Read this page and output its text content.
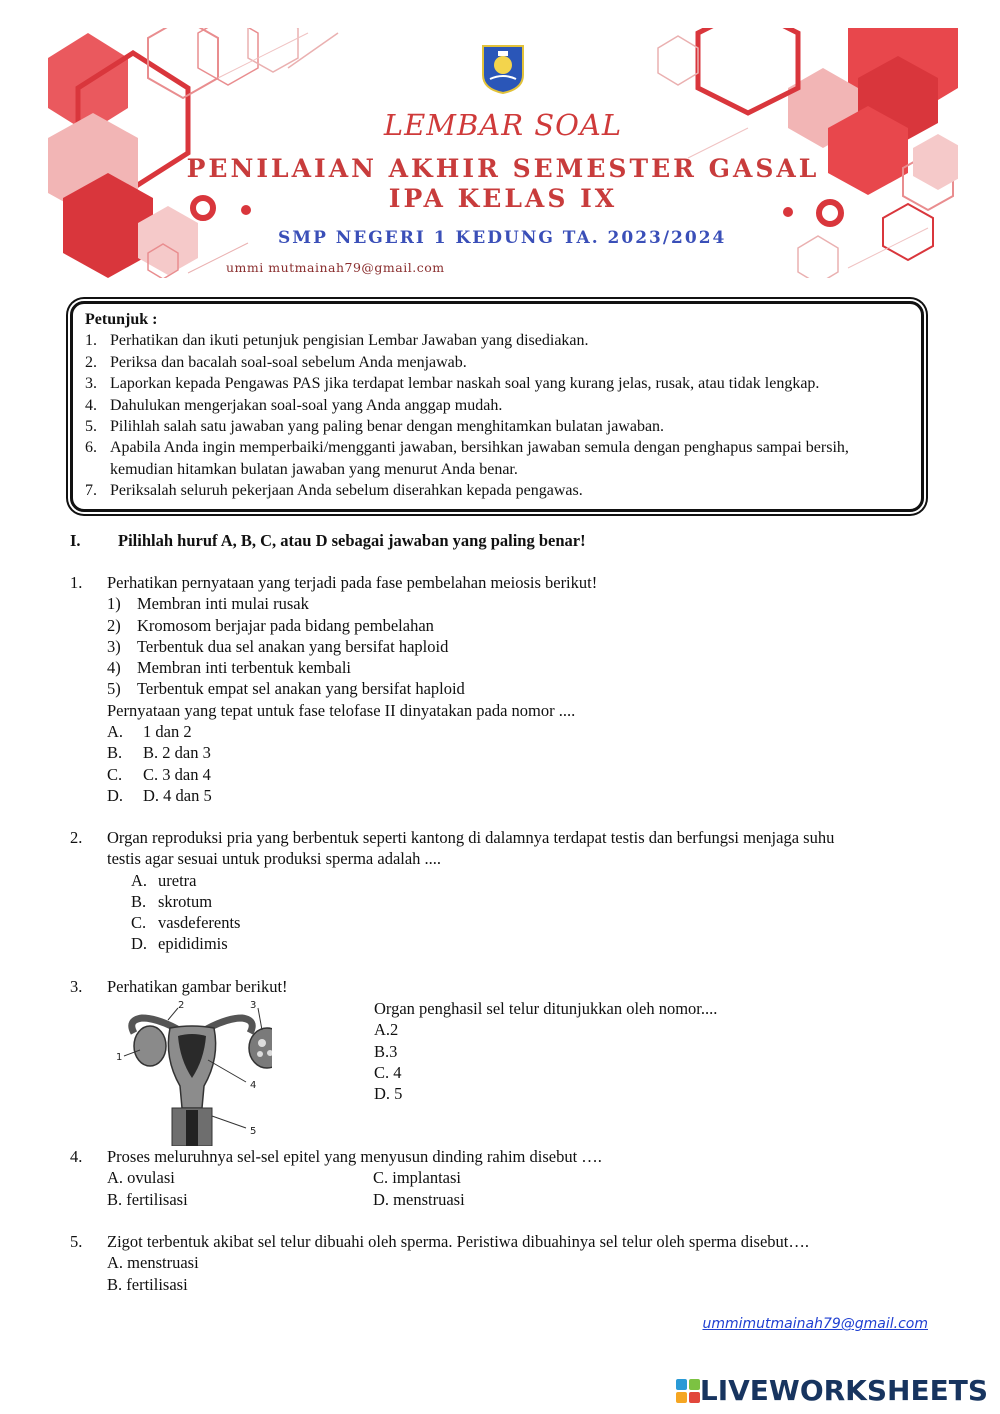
LEMBAR SOAL
PENILAIAN AKHIR SEMESTER GASAL
IPA KELAS IX
SMP NEGERI 1 KEDUNG TA. 2023/2024
ummi mutmainah79@gmail.com
Petunjuk :
1. Perhatikan dan ikuti petunjuk pengisian Lembar Jawaban yang disediakan.
2. Periksa dan bacalah soal-soal sebelum Anda menjawab.
3. Laporkan kepada Pengawas PAS jika terdapat lembar naskah soal yang kurang jelas, rusak, atau tidak lengkap.
4. Dahulukan mengerjakan soal-soal yang Anda anggap mudah.
5. Pilihlah salah satu jawaban yang paling benar dengan menghitamkan bulatan jawaban.
6. Apabila Anda ingin memperbaiki/mengganti jawaban, bersihkan jawaban semula dengan penghapus sampai bersih, kemudian hitamkan bulatan jawaban yang menurut Anda benar.
7. Periksalah seluruh pekerjaan Anda sebelum diserahkan kepada pengawas.
I. Pilihlah huruf A, B, C, atau D sebagai jawaban yang paling benar!
1.	Perhatikan pernyataan yang terjadi pada fase pembelahan meiosis berikut!
1) Membran inti mulai rusak
2) Kromosom berjajar pada bidang pembelahan
3) Terbentuk dua sel anakan yang bersifat haploid
4) Membran inti terbentuk kembali
5) Terbentuk empat sel anakan yang bersifat haploid
Pernyataan yang tepat untuk fase telofase II dinyatakan pada nomor ....
A.	1 dan 2
B.	B. 2 dan 3
C.	C. 3 dan 4
D.	D. 4 dan 5
2.	Organ reproduksi pria yang berbentuk seperti kantong di dalamnya terdapat testis dan berfungsi menjaga suhu
testis agar sesuai untuk produksi sperma adalah ....
A. uretra
B. skrotum
C. vasdeferents
D. epididimis
3.	Perhatikan gambar berikut!
1
2	3
4
5
Organ penghasil sel telur ditunjukkan oleh nomor....
A.2
B.3
C. 4
D. 5
4.	Proses meluruhnya sel-sel epitel yang menyusun dinding rahim disebut ….
A. ovulasi	C. implantasi
B. fertilisasi	D. menstruasi
5.	Zigot terbentuk akibat sel telur dibuahi oleh sperma. Peristiwa dibuahinya sel telur oleh sperma disebut….
A. menstruasi
B. fertilisasi
ummimutmainah79@gmail.com
LIVEWORKSHEETS
